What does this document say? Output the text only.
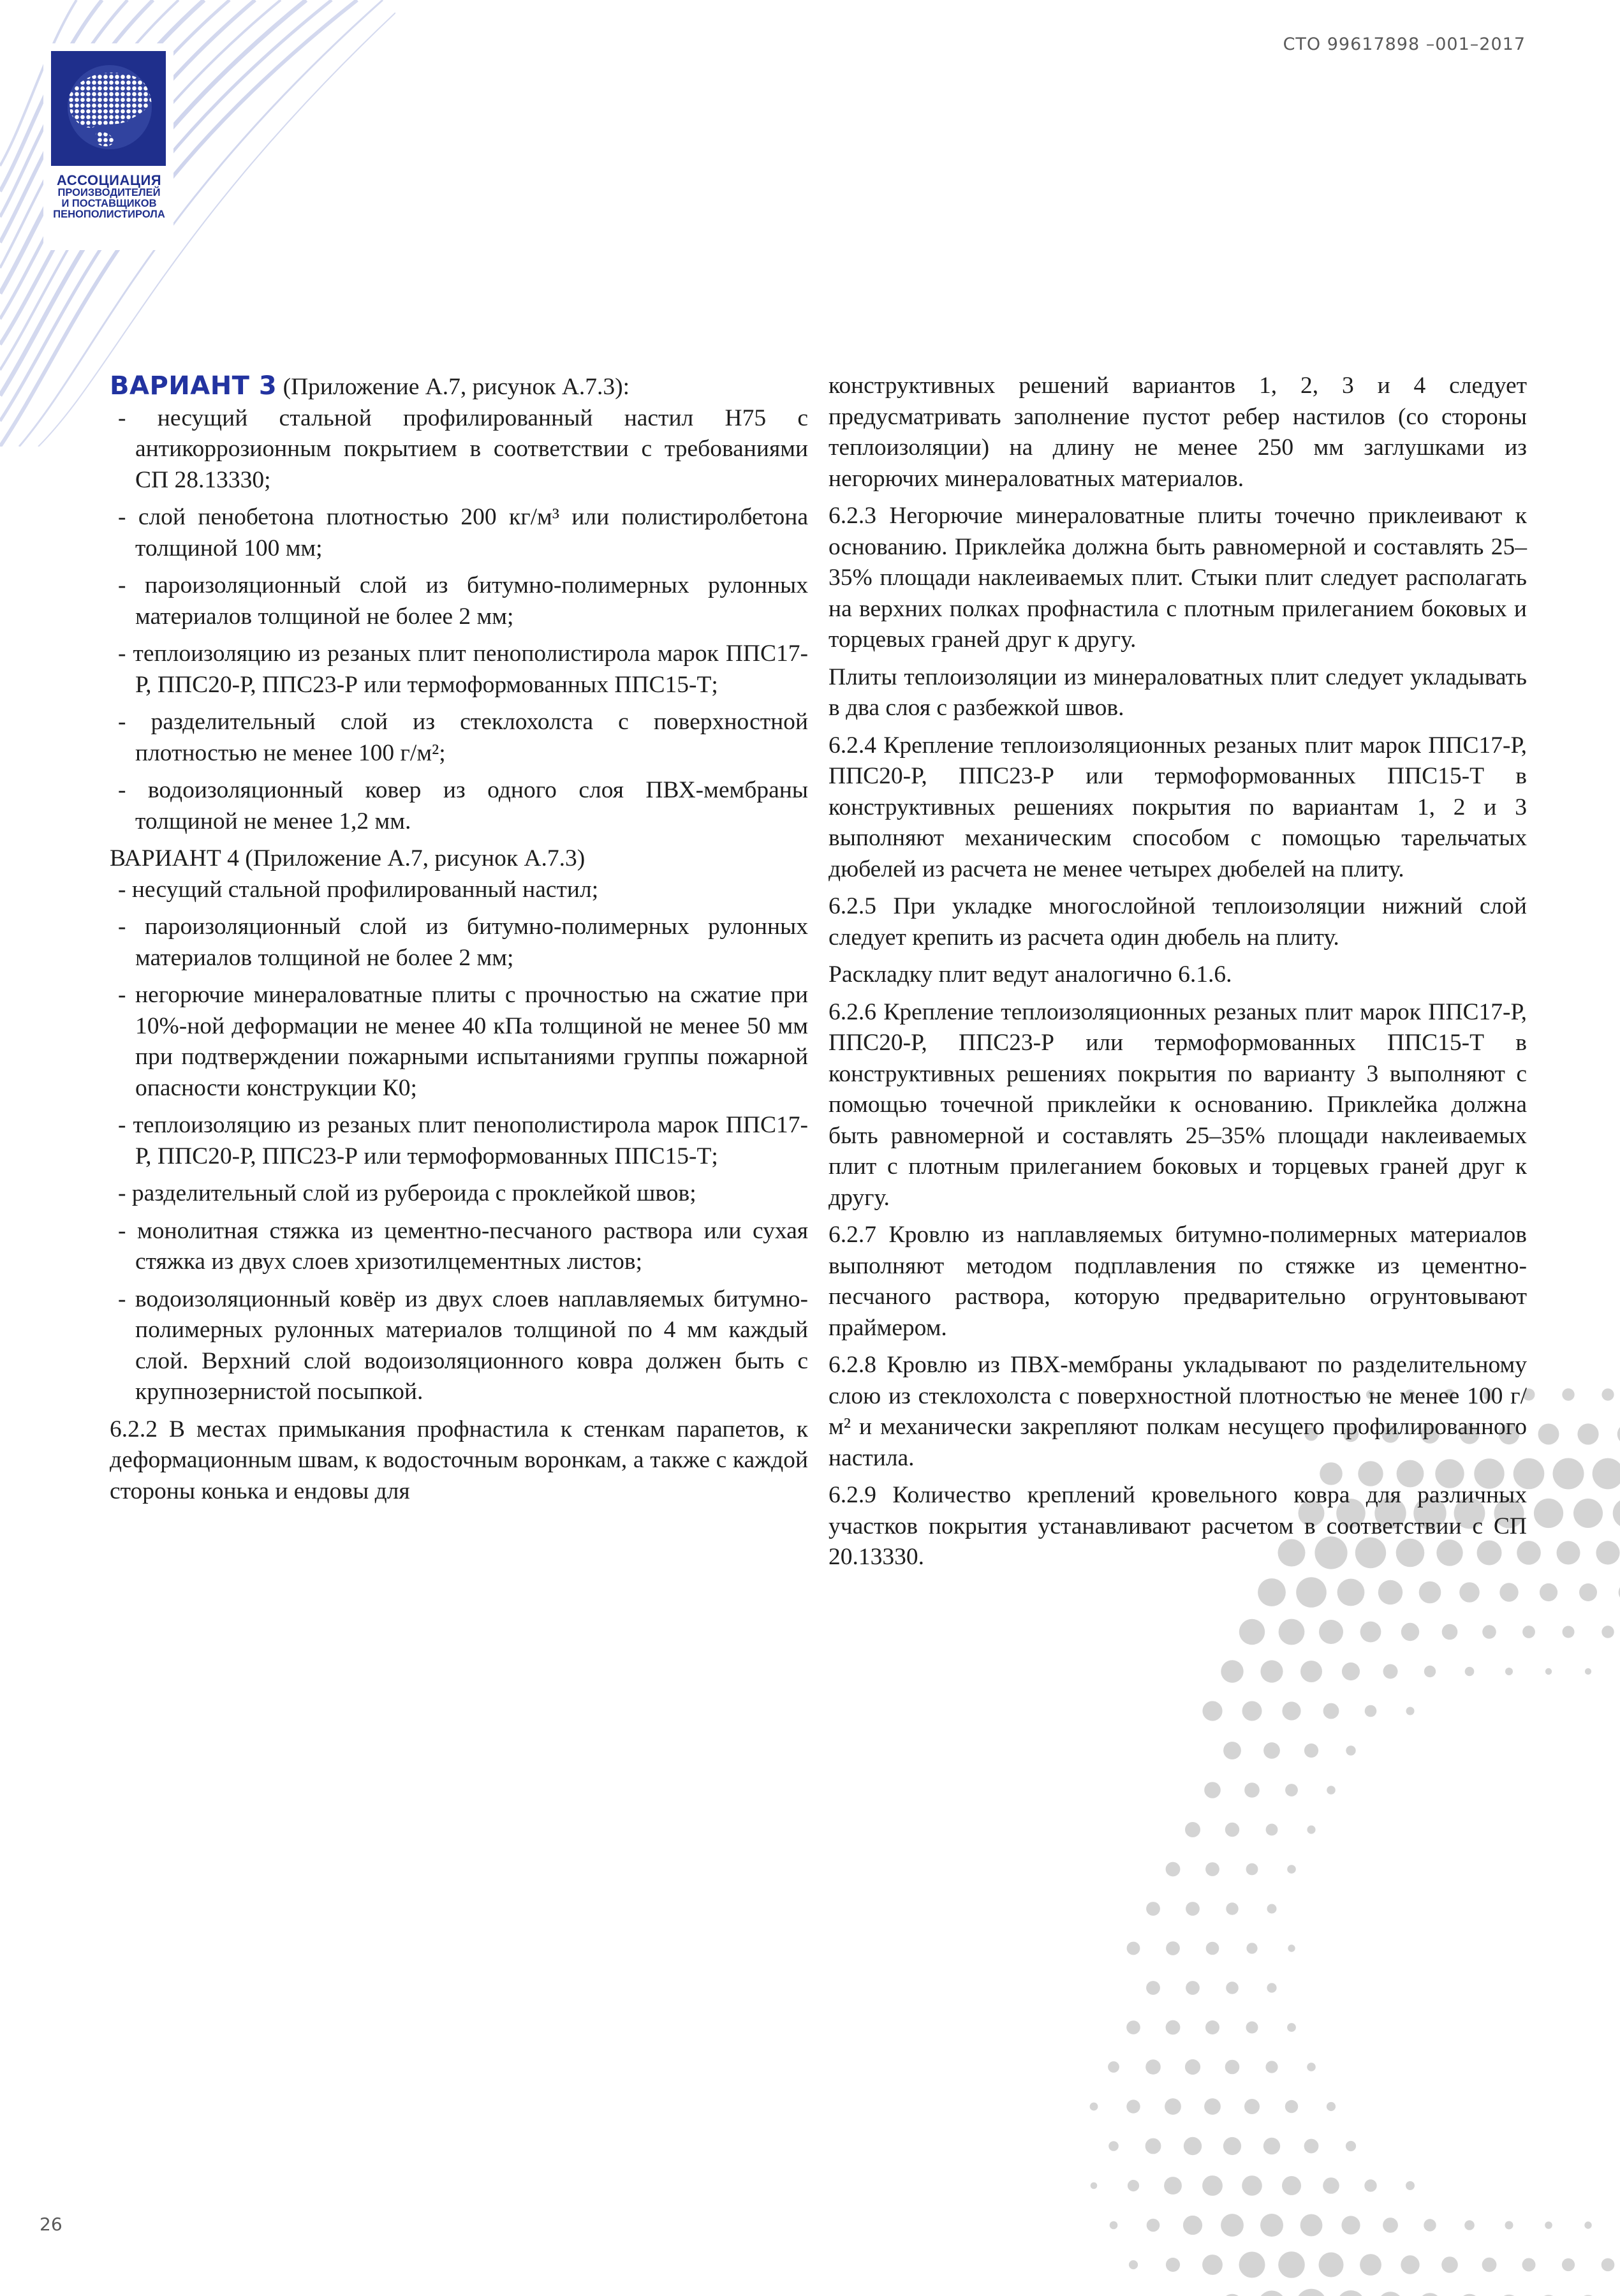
АССОЦИАЦИЯ
ПРОИЗВОДИТЕЛЕЙ
И ПОСТАВЩИКОВ
ПЕНОПОЛИСТИРОЛА
СТО 99617898 –001–2017

ВАРИАНТ 3 (Приложение А.7, рисунок А.7.3):

- несущий стальной профилированный настил Н75 с антикоррозионным покрытием в соответствии с требованиями СП 28.13330;

- слой пенобетона плотностью 200 кг/м³ или полистиролбетона толщиной 100 мм;

- пароизоляционный слой из битумно-полимерных рулонных материалов толщиной не более 2 мм;

- теплоизоляцию из резаных плит пенополистирола марок ППС17-Р, ППС20-Р, ППС23-Р или термоформованных ППС15-Т;

- разделительный слой из стеклохолста с поверхностной плотностью не менее 100 г/м²;

- водоизоляционный ковер из одного слоя ПВХ-мембраны толщиной не менее 1,2 мм.

ВАРИАНТ 4 (Приложение А.7, рисунок А.7.3)

- несущий стальной профилированный настил;

- пароизоляционный слой из битумно-полимерных рулонных материалов толщиной не более 2 мм;

- негорючие минераловатные плиты с прочностью на сжатие при 10%-ной деформации не менее 40 кПа толщиной не менее 50 мм при подтверждении пожарными испытаниями группы пожарной опасности конструкции К0;

- теплоизоляцию из резаных плит пенополистирола марок ППС17-Р, ППС20-Р, ППС23-Р или термоформованных ППС15-Т;

- разделительный слой из рубероида с проклейкой швов;

- монолитная стяжка из цементно-песчаного раствора или сухая стяжка из двух слоев хризотилцементных листов;

- водоизоляционный ковёр из двух слоев наплавляемых битумно-полимерных рулонных материалов толщиной по 4 мм каждый слой. Верхний слой водоизоляционного ковра должен быть с крупнозернистой посыпкой.

6.2.2 В местах примыкания профнастила к стенкам парапетов, к деформационным швам, к водосточным воронкам, а также с каждой стороны конька и ендовы для

конструктивных решений вариантов 1, 2, 3 и 4 следует предусматривать заполнение пустот ребер настилов (со стороны теплоизоляции) на длину не менее 250 мм заглушками из негорючих минераловатных материалов.

6.2.3 Негорючие минераловатные плиты точечно приклеивают к основанию. Приклейка должна быть равномерной и составлять 25–35% площади наклеиваемых плит. Стыки плит следует располагать на верхних полках профнастила с плотным прилеганием боковых и торцевых граней друг к другу.

Плиты теплоизоляции из минераловатных плит следует укладывать в два слоя с разбежкой швов.

6.2.4 Крепление теплоизоляционных резаных плит марок ППС17-Р, ППС20-Р, ППС23-Р или термоформованных ППС15-Т в конструктивных решениях покрытия по вариантам 1, 2 и 3 выполняют механическим способом с помощью тарельчатых дюбелей из расчета не менее четырех дюбелей на плиту.

6.2.5 При укладке многослойной теплоизоляции нижний слой следует крепить из расчета один дюбель на плиту.

Раскладку плит ведут аналогично 6.1.6.

6.2.6 Крепление теплоизоляционных резаных плит марок ППС17-Р, ППС20-Р, ППС23-Р или термоформованных ППС15-Т в конструктивных решениях покрытия по варианту 3 выполняют с помощью точечной приклейки к основанию. Приклейка должна быть равномерной и составлять 25–35% площади наклеиваемых плит с плотным прилеганием боковых и торцевых граней друг к другу.

6.2.7 Кровлю из наплавляемых битумно-полимерных материалов выполняют методом подплавления по стяжке из цементно-песчаного раствора, которую предварительно огрунтовывают праймером.

6.2.8 Кровлю из ПВХ-мембраны укладывают по разделительному слою из стеклохолста с поверхностной плотностью не менее 100 г/м² и механически закрепляют полкам несущего профилированного настила.

6.2.9 Количество креплений кровельного ковра для различных участков покрытия устанавливают расчетом в соответствии с СП 20.13330.

26
